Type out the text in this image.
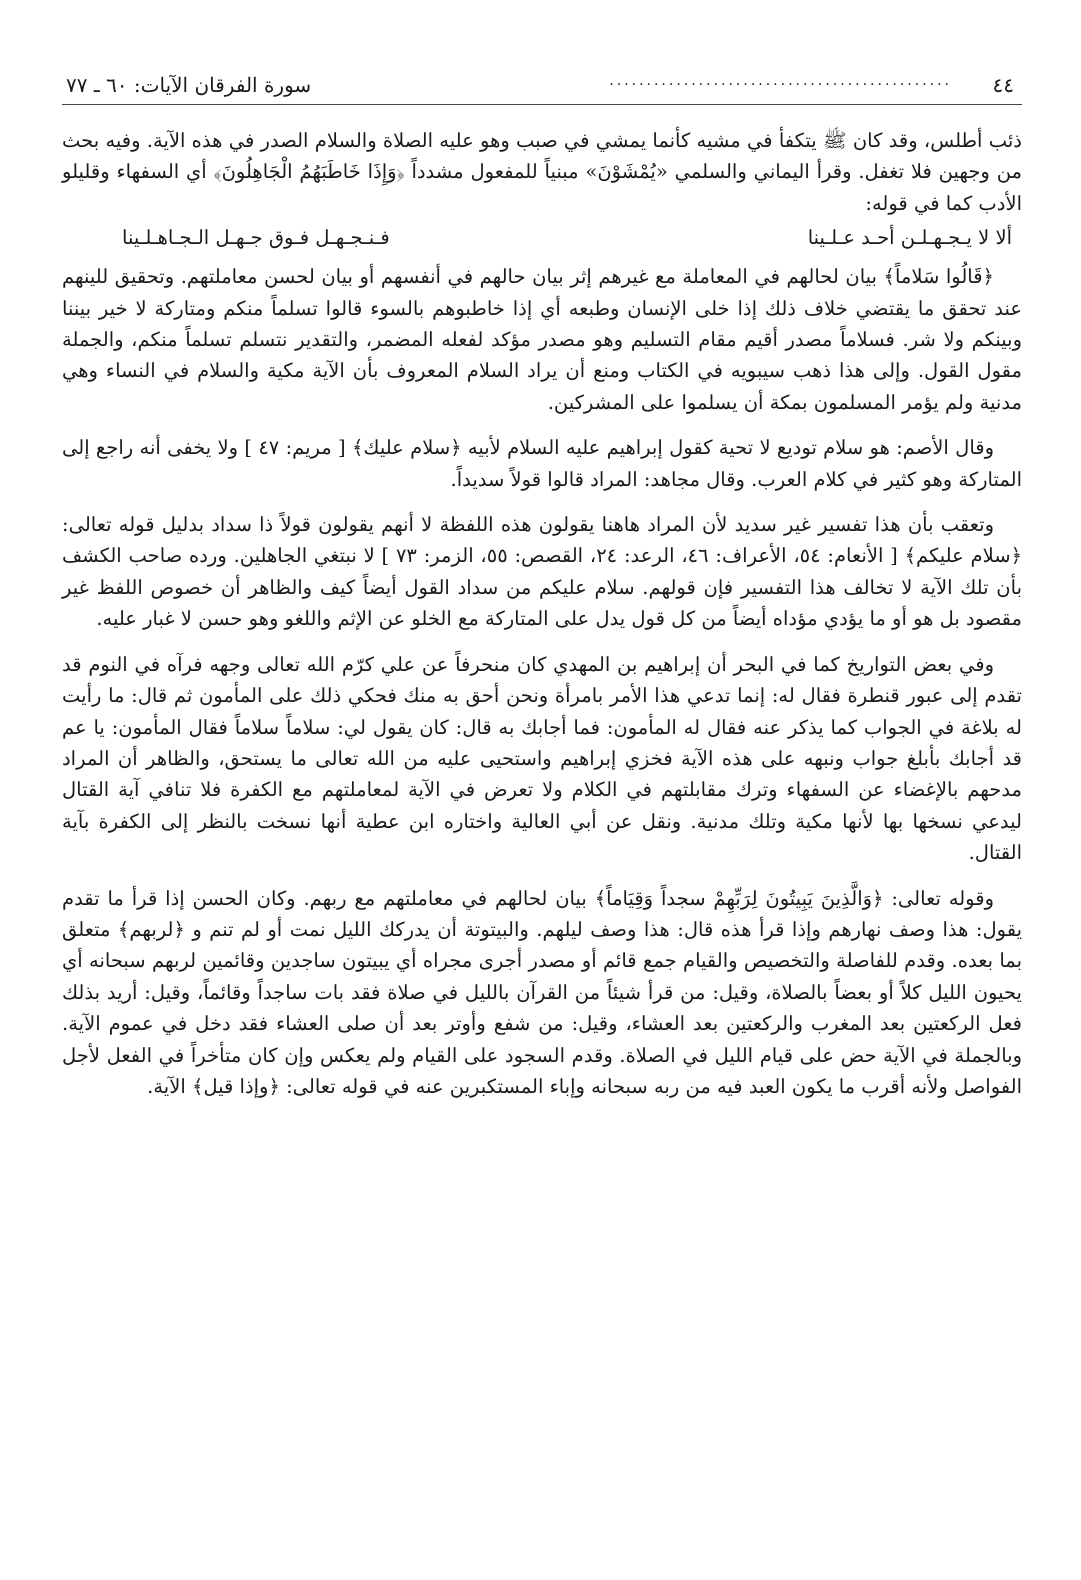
٤٤
..............................................
سورة الفرقان الآيات: ٦٠ ـ ٧٧

ذئب أطلس، وقد كان ﷺ يتكفأ في مشيه كأنما يمشي في صبب وهو عليه الصلاة والسلام الصدر في هذه الآية. وفيه بحث من وجهين فلا تغفل. وقرأ اليماني والسلمي «يُمْشَوْنَ» مبنياً للمفعول مشدداً ﴿وَإِذَا خَاطَبَهُمُ الْجَاهِلُونَ﴾ أي السفهاء وقليلو الأدب كما في قوله:

ألا لا يـجـهـلـن أحـد عـلـينا
فـنـجـهـل فـوق جـهـل الـجـاهـلـينا

﴿قَالُوا سَلاماً﴾ بيان لحالهم في المعاملة مع غيرهم إثر بيان حالهم في أنفسهم أو بيان لحسن معاملتهم. وتحقيق للينهم عند تحقق ما يقتضي خلاف ذلك إذا خلى الإنسان وطبعه أي إذا خاطبوهم بالسوء قالوا تسلماً منكم ومتاركة لا خير بيننا وبينكم ولا شر. فسلاماً مصدر أقيم مقام التسليم وهو مصدر مؤكد لفعله المضمر، والتقدير نتسلم تسلماً منكم، والجملة مقول القول. وإلى هذا ذهب سيبويه في الكتاب ومنع أن يراد السلام المعروف بأن الآية مكية والسلام في النساء وهي مدنية ولم يؤمر المسلمون بمكة أن يسلموا على المشركين.

وقال الأصم: هو سلام توديع لا تحية كقول إبراهيم عليه السلام لأبيه ﴿سلام عليك﴾ [ مريم: ٤٧ ] ولا يخفى أنه راجع إلى المتاركة وهو كثير في كلام العرب. وقال مجاهد: المراد قالوا قولاً سديداً.

وتعقب بأن هذا تفسير غير سديد لأن المراد هاهنا يقولون هذه اللفظة لا أنهم يقولون قولاً ذا سداد بدليل قوله تعالى: ﴿سلام عليكم﴾ [ الأنعام: ٥٤، الأعراف: ٤٦، الرعد: ٢٤، القصص: ٥٥، الزمر: ٧٣ ] لا نبتغي الجاهلين. ورده صاحب الكشف بأن تلك الآية لا تخالف هذا التفسير فإن قولهم. سلام عليكم من سداد القول أيضاً كيف والظاهر أن خصوص اللفظ غير مقصود بل هو أو ما يؤدي مؤداه أيضاً من كل قول يدل على المتاركة مع الخلو عن الإثم واللغو وهو حسن لا غبار عليه.

وفي بعض التواريخ كما في البحر أن إبراهيم بن المهدي كان منحرفاً عن علي كرّم الله تعالى وجهه فرآه في النوم قد تقدم إلى عبور قنطرة فقال له: إنما تدعي هذا الأمر بامرأة ونحن أحق به منك فحكي ذلك على المأمون ثم قال: ما رأيت له بلاغة في الجواب كما يذكر عنه فقال له المأمون: فما أجابك به قال: كان يقول لي: سلاماً سلاماً فقال المأمون: يا عم قد أجابك بأبلغ جواب ونبهه على هذه الآية فخزي إبراهيم واستحيى عليه من الله تعالى ما يستحق، والظاهر أن المراد مدحهم بالإغضاء عن السفهاء وترك مقابلتهم في الكلام ولا تعرض في الآية لمعاملتهم مع الكفرة فلا تنافي آية القتال ليدعي نسخها بها لأنها مكية وتلك مدنية. ونقل عن أبي العالية واختاره ابن عطية أنها نسخت بالنظر إلى الكفرة بآية القتال.

وقوله تعالى: ﴿وَالَّذِينَ يَبِيتُونَ لِرَبِّهِمْ سجداً وَقِيَاماً﴾ بيان لحالهم في معاملتهم مع ربهم. وكان الحسن إذا قرأ ما تقدم يقول: هذا وصف نهارهم وإذا قرأ هذه قال: هذا وصف ليلهم. والبيتوتة أن يدركك الليل نمت أو لم تنم و ﴿لربهم﴾ متعلق بما بعده. وقدم للفاصلة والتخصيص والقيام جمع قائم أو مصدر أجرى مجراه أي يبيتون ساجدين وقائمين لربهم سبحانه أي يحيون الليل كلاً أو بعضاً بالصلاة، وقيل: من قرأ شيئاً من القرآن بالليل في صلاة فقد بات ساجداً وقائماً، وقيل: أريد بذلك فعل الركعتين بعد المغرب والركعتين بعد العشاء، وقيل: من شفع وأوتر بعد أن صلى العشاء فقد دخل في عموم الآية. وبالجملة في الآية حض على قيام الليل في الصلاة. وقدم السجود على القيام ولم يعكس وإن كان متأخراً في الفعل لأجل الفواصل ولأنه أقرب ما يكون العبد فيه من ربه سبحانه وإباء المستكبرين عنه في قوله تعالى: ﴿وإذا قيل﴾ الآية.
